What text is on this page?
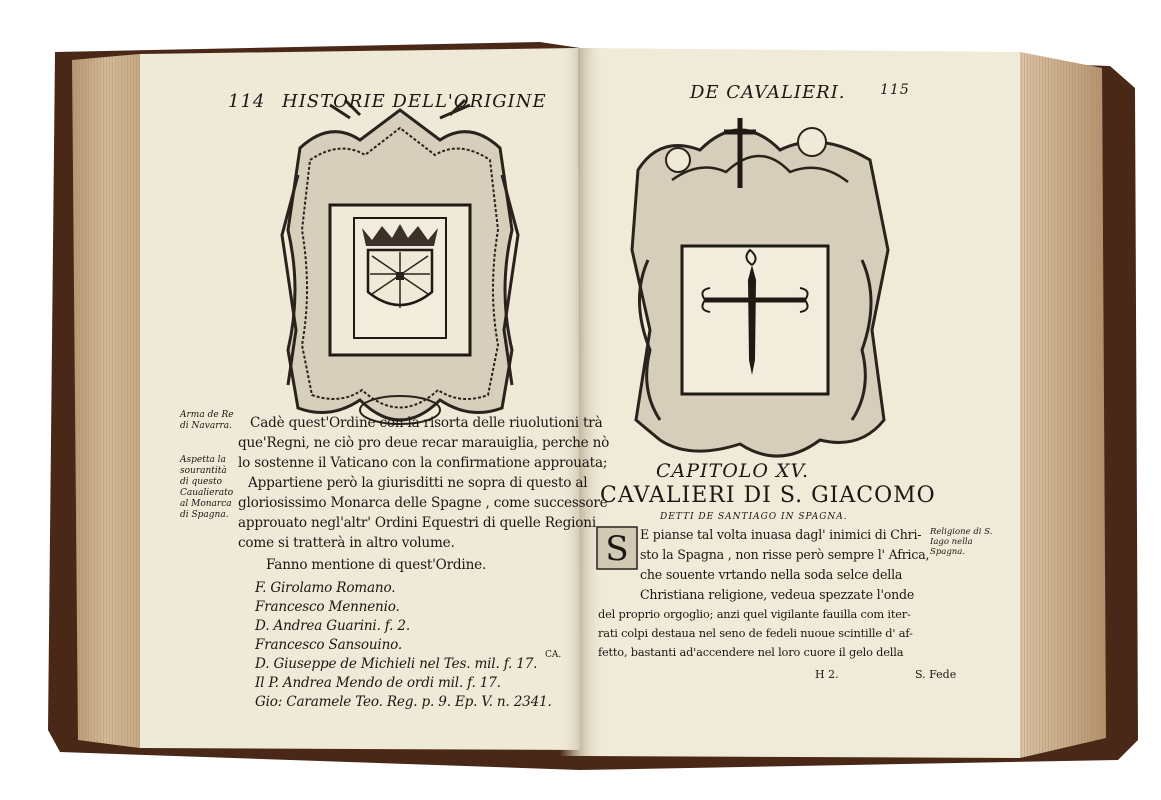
S
114 HISTORIE DELL'ORIGINE
Arma de Re di Navarra.
Aspetta la sourantità di questo Caualierato al Monarca di Spagna.
Cadè quest'Ordine con la risorta delle riuolutioni trà
que'Regni, ne ciò pro deue recar marauiglia, perche nò
lo sostenne il Vaticano con la confirmatione approuata;
Appartiene però la giurisditti ne sopra di questo al
gloriosissimo Monarca delle Spagne , come successore
approuato negl'altr' Ordini Equestri di quelle Regioni
come si tratterà in altro volume.
Fanno mentione di quest'Ordine.
F. Girolamo Romano.
Francesco Mennenio.
D. Andrea Guarini. f. 2.
Francesco Sansouino.
D. Giuseppe de Michieli nel Tes. mil. f. 17.
Il P. Andrea Mendo de ordi mil. f. 17.
Gio: Caramele Teo. Reg. p. 9. Ep. V. n. 2341.
CA.
DE CAVALIERI. 115
CAPITOLO XV.
CAVALIERI DI S. GIACOMO
DETTI DE SANTIAGO IN SPAGNA.
Religione di S. Iago nella Spagna.
E pianse tal volta inuasa dagl' inimici di Chri-
sto la Spagna , non risse però sempre l' Africa,
che souente vrtando nella soda selce della
Christiana religione, vedeua spezzate l'onde
del proprio orgoglio; anzi quel vigilante fauilla com iter-
rati colpi destaua nel seno de fedeli nuoue scintille d' af-
fetto, bastanti ad'accendere nel loro cuore il gelo della
H 2.	S. Fede
